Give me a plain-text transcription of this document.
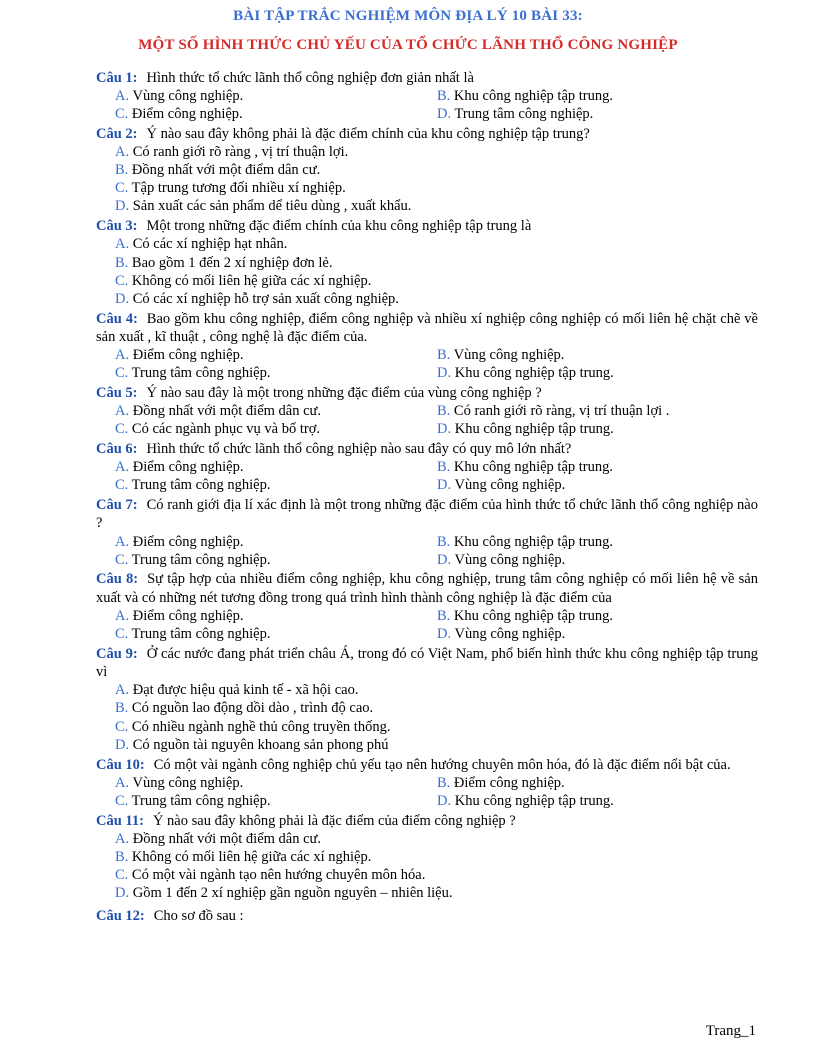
BÀI TẬP TRẮC NGHIỆM MÔN ĐỊA LÝ 10 BÀI 33:
MỘT SỐ HÌNH THỨC CHỦ YẾU CỦA TỔ CHỨC LÃNH THỔ CÔNG NGHIỆP
Câu 1: Hình thức tổ chức lãnh thổ công nghiệp đơn giản nhất là
A. Vùng công nghiệp.	B. Khu công nghiệp tập trung.
C. Điểm công nghiệp.	D. Trung tâm công nghiệp.
Câu 2: Ý nào sau đây không phải là đặc điểm chính của khu công nghiệp tập trung?
A. Có ranh giới rõ ràng , vị trí thuận lợi.
B. Đồng nhất với một điểm dân cư.
C. Tập trung tương đối nhiều xí nghiệp.
D. Sản xuất các sản phẩm dể tiêu dùng , xuất khẩu.
Câu 3: Một trong những đặc điểm chính của khu công nghiệp tập trung là
A. Có các xí nghiệp hạt nhân.
B. Bao gồm 1 đến 2 xí nghiệp đơn lẻ.
C. Không có mối liên hệ giữa các xí nghiệp.
D. Có các xí nghiệp hỗ trợ sản xuất công nghiệp.
Câu 4: Bao gồm khu công nghiệp, điểm công nghiệp và nhiều xí nghiệp công nghiệp có mối liên hệ chặt chẽ về sản xuất , kĩ thuật , công nghệ là đặc điểm của.
A. Điểm công nghiệp.	B. Vùng công nghiệp.
C. Trung tâm công nghiệp.	D. Khu công nghiệp tập trung.
Câu 5: Ý nào sau đây là một trong những đặc điểm của vùng công nghiệp ?
A. Đồng nhất với một điểm dân cư.	B. Có ranh giới rõ ràng, vị trí thuận lợi .
C. Có các ngành phục vụ và bổ trợ.	D. Khu công nghiệp tập trung.
Câu 6: Hình thức tổ chức lãnh thổ công nghiệp nào sau đây có quy mô lớn nhất?
A. Điểm công nghiệp.	B. Khu công nghiệp tập trung.
C. Trung tâm công nghiệp.	D. Vùng công nghiệp.
Câu 7: Có ranh giới địa lí xác định là một trong những đặc điểm của hình thức tổ chức lãnh thổ công nghiệp nào ?
A. Điểm công nghiệp.	B. Khu công nghiệp tập trung.
C. Trung tâm công nghiệp.	D. Vùng công nghiệp.
Câu 8: Sự tập hợp của nhiều điểm công nghiệp, khu công nghiệp, trung tâm công nghiệp có mối liên hệ về sản xuất và có những nét tương đồng trong quá trình hình thành công nghiệp là đặc điểm của
A. Điểm công nghiệp.	B. Khu công nghiệp tập trung.
C. Trung tâm công nghiệp.	D. Vùng công nghiệp.
Câu 9: Ở các nước đang phát triển châu Á, trong đó có Việt Nam, phổ biến hình thức khu công nghiệp tập trung vì
A. Đạt được hiệu quả kinh tế - xã hội cao.
B. Có nguồn lao động dồi dào , trình độ cao.
C. Có nhiều ngành nghề thủ công truyền thống.
D. Có nguồn tài nguyên khoang sản phong phú
Câu 10: Có một vài ngành công nghiệp chủ yếu tạo nên hướng chuyên môn hóa, đó là đặc điểm nổi bật của.
A. Vùng công nghiệp.	B. Điểm công nghiệp.
C. Trung tâm công nghiệp.	D. Khu công nghiệp tập trung.
Câu 11: Ý nào sau đây không phải là đặc điểm của điểm công nghiệp ?
A. Đồng nhất với một điểm dân cư.
B. Không có mối liên hệ giữa các xí nghiệp.
C. Có một vài ngành tạo nên hướng chuyên môn hóa.
D. Gồm 1 đến 2 xí nghiệp gần nguồn nguyên – nhiên liệu.
Câu 12: Cho sơ đồ sau :
Trang_1
